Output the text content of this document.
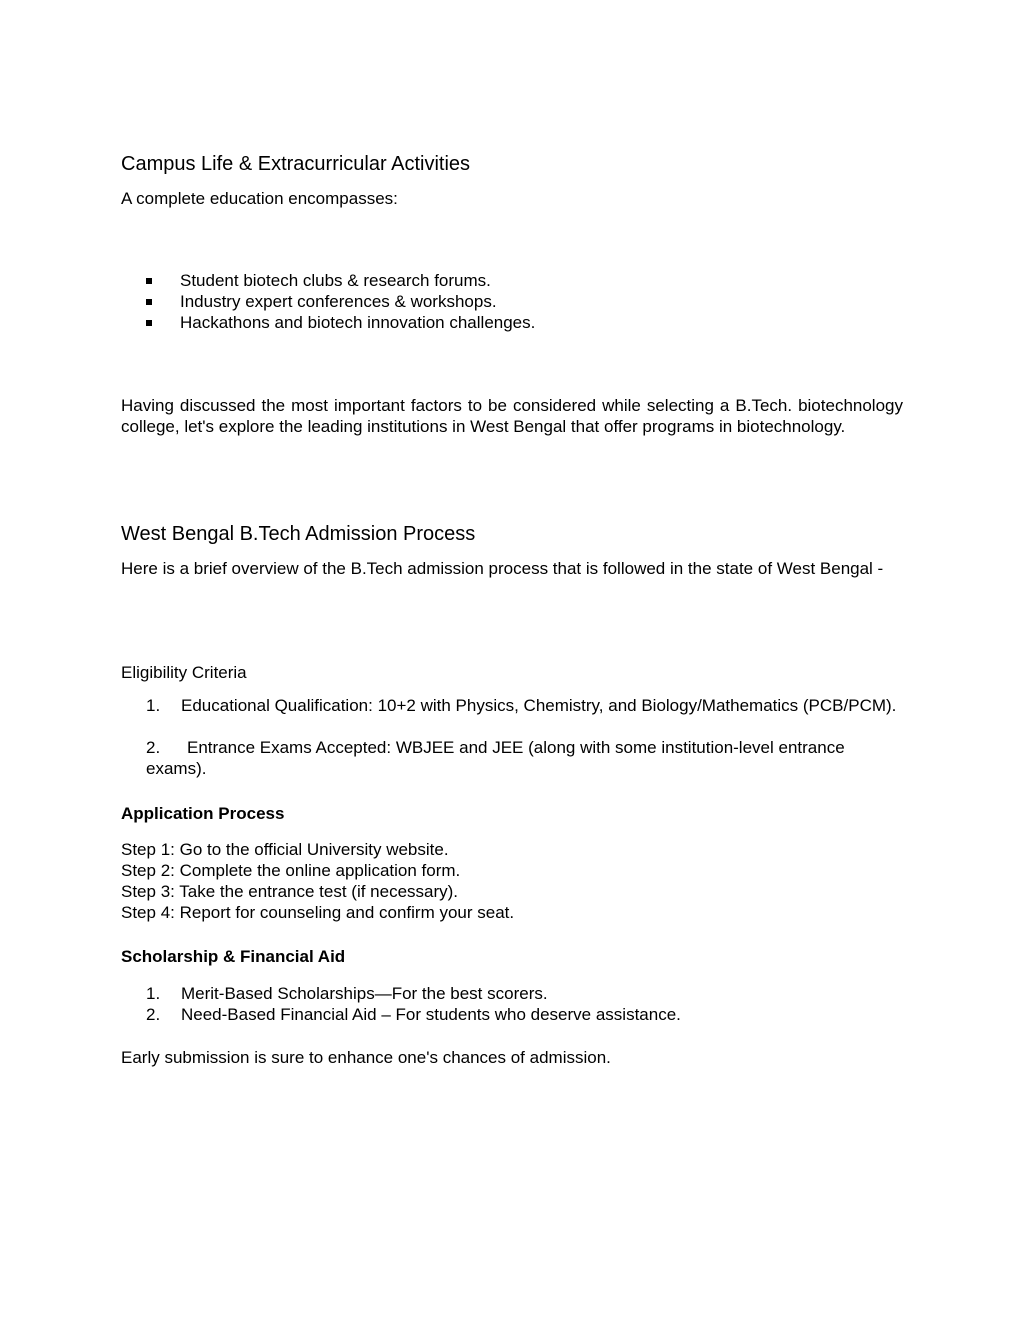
Campus Life & Extracurricular Activities
A complete education encompasses:
Student biotech clubs & research forums.
Industry expert conferences & workshops.
Hackathons and biotech innovation challenges.

Having discussed the most important factors to be considered while selecting a B.Tech. biotechnology college, let's explore the leading institutions in West Bengal that offer programs in biotechnology.

West Bengal B.Tech Admission Process

Here is a brief overview of the B.Tech admission process that is followed in the state of West Bengal -

Eligibility Criteria
1. Educational Qualification: 10+2 with Physics, Chemistry, and Biology/Mathematics (PCB/PCM).
2. Entrance Exams Accepted: WBJEE and JEE (along with some institution-level entrance exams).
Application Process
Step 1: Go to the official University website.
Step 2: Complete the online application form.
Step 3: Take the entrance test (if necessary).
Step 4: Report for counseling and confirm your seat.
Scholarship & Financial Aid
1. Merit-Based Scholarships—For the best scorers.
2. Need-Based Financial Aid – For students who deserve assistance.
Early submission is sure to enhance one's chances of admission.
